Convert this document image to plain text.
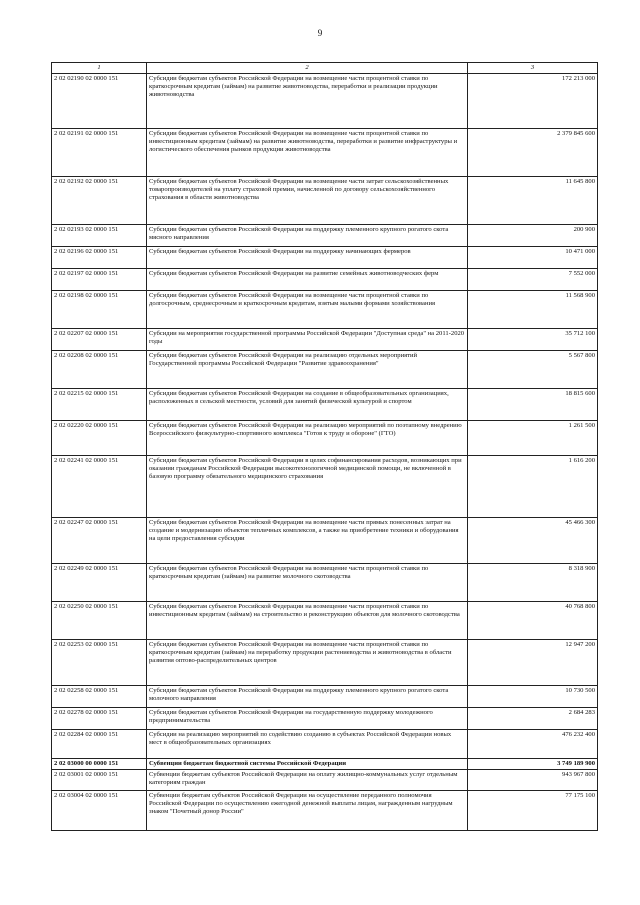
9
1	2	3
2 02 02190 02 0000 151	Субсидии бюджетам субъектов Российской Федерации на возмещение части процентной ставки по краткосрочным кредитам (займам) на развитие животноводства, переработки и реализации продукции животноводства	172 213 000
2 02 02191 02 0000 151	Субсидии бюджетам субъектов Российской Федерации на возмещение части процентной ставки по инвестиционным кредитам (займам) на развитие животноводства, переработки и развитие инфраструктуры и логистического обеспечения рынков продукции животноводства	2 379 845 600
2 02 02192 02 0000 151	Субсидии бюджетам субъектов Российской Федерации на возмещение части затрат сельскохозяйственных товаропроизводителей на уплату страховой премии, начисленной по договору сельскохозяйственного страхования в области животноводства	11 645 800
2 02 02193 02 0000 151	Субсидии бюджетам субъектов Российской Федерации на поддержку племенного крупного рогатого скота мясного направления	200 900
2 02 02196 02 0000 151	Субсидии бюджетам субъектов Российской Федерации на поддержку начинающих фермеров	10 471 000
2 02 02197 02 0000 151	Субсидии бюджетам субъектов Российской Федерации на развитие семейных животноводческих ферм	7 552 000
2 02 02198 02 0000 151	Субсидии бюджетам субъектов Российской Федерации на возмещение части процентной ставки по долгосрочным, среднесрочным и краткосрочным кредитам, взятым малыми формами хозяйствования	11 568 900
2 02 02207 02 0000 151	Субсидии на мероприятия государственной программы Российской Федерации "Доступная среда" на 2011-2020 годы	35 712 100
2 02 02208 02 0000 151	Субсидии бюджетам субъектов Российской Федерации на реализацию отдельных мероприятий Государственной программы Российской Федерации "Развитие здравоохранения"	5 567 800
2 02 02215 02 0000 151	Субсидии бюджетам субъектов Российской Федерации на создание в общеобразовательных организациях, расположенных в сельской местности, условий для занятий физической культурой и спортом	18 815 600
2 02 02220 02 0000 151	Субсидии бюджетам субъектов Российской Федерации на реализацию мероприятий по поэтапному внедрению Всероссийского физкультурно-спортивного комплекса "Готов к труду и обороне" (ГТО)	1 261 500
2 02 02241 02 0000 151	Субсидии бюджетам субъектов Российской Федерации в целях софинансирования расходов, возникающих при оказании гражданам Российской Федерации высокотехнологичной медицинской помощи, не включенной в базовую программу обязательного медицинского страхования	1 616 200
2 02 02247 02 0000 151	Субсидии бюджетам субъектов Российской Федерации на возмещение части прямых понесенных затрат на создание и модернизацию объектов тепличных комплексов, а также на приобретение техники и оборудования на цели предоставления субсидии	45 466 300
2 02 02249 02 0000 151	Субсидии бюджетам субъектов Российской Федерации на возмещение части процентной ставки по краткосрочным кредитам (займам) на развитие молочного скотоводства	8 318 900
2 02 02250 02 0000 151	Субсидии бюджетам субъектов Российской Федерации на возмещение части процентной ставки по инвестиционным кредитам (займам) на строительство и реконструкцию объектов для молочного скотоводства	40 768 800
2 02 02253 02 0000 151	Субсидии бюджетам субъектов Российской Федерации на возмещение части процентной ставки по краткосрочным кредитам (займам) на переработку продукции растениеводства и животноводства в области развития оптово-распределительных центров	12 947 200
2 02 02258 02 0000 151	Субсидии бюджетам субъектов Российской Федерации на поддержку племенного крупного рогатого скота молочного направления	10 730 500
2 02 02278 02 0000 151	Субсидии бюджетам субъектов Российской Федерации на государственную поддержку молодежного предпринимательства	2 684 283
2 02 02284 02 0000 151	Субсидии на реализацию мероприятий по содействию созданию в субъектах Российской Федерации новых мест в общеобразовательных организациях	476 232 400
2 02 03000 00 0000 151	Субвенции бюджетам бюджетной системы Российской Федерации	3 749 189 900
2 02 03001 02 0000 151	Субвенции бюджетам субъектов Российской Федерации на оплату жилищно-коммунальных услуг отдельным категориям граждан	943 967 800
2 02 03004 02 0000 151	Субвенции бюджетам субъектов Российской Федерации на осуществление переданного полномочия Российской Федерации по осуществлению ежегодной денежной выплаты лицам, награжденным нагрудным знаком "Почетный донор России"	77 175 100
